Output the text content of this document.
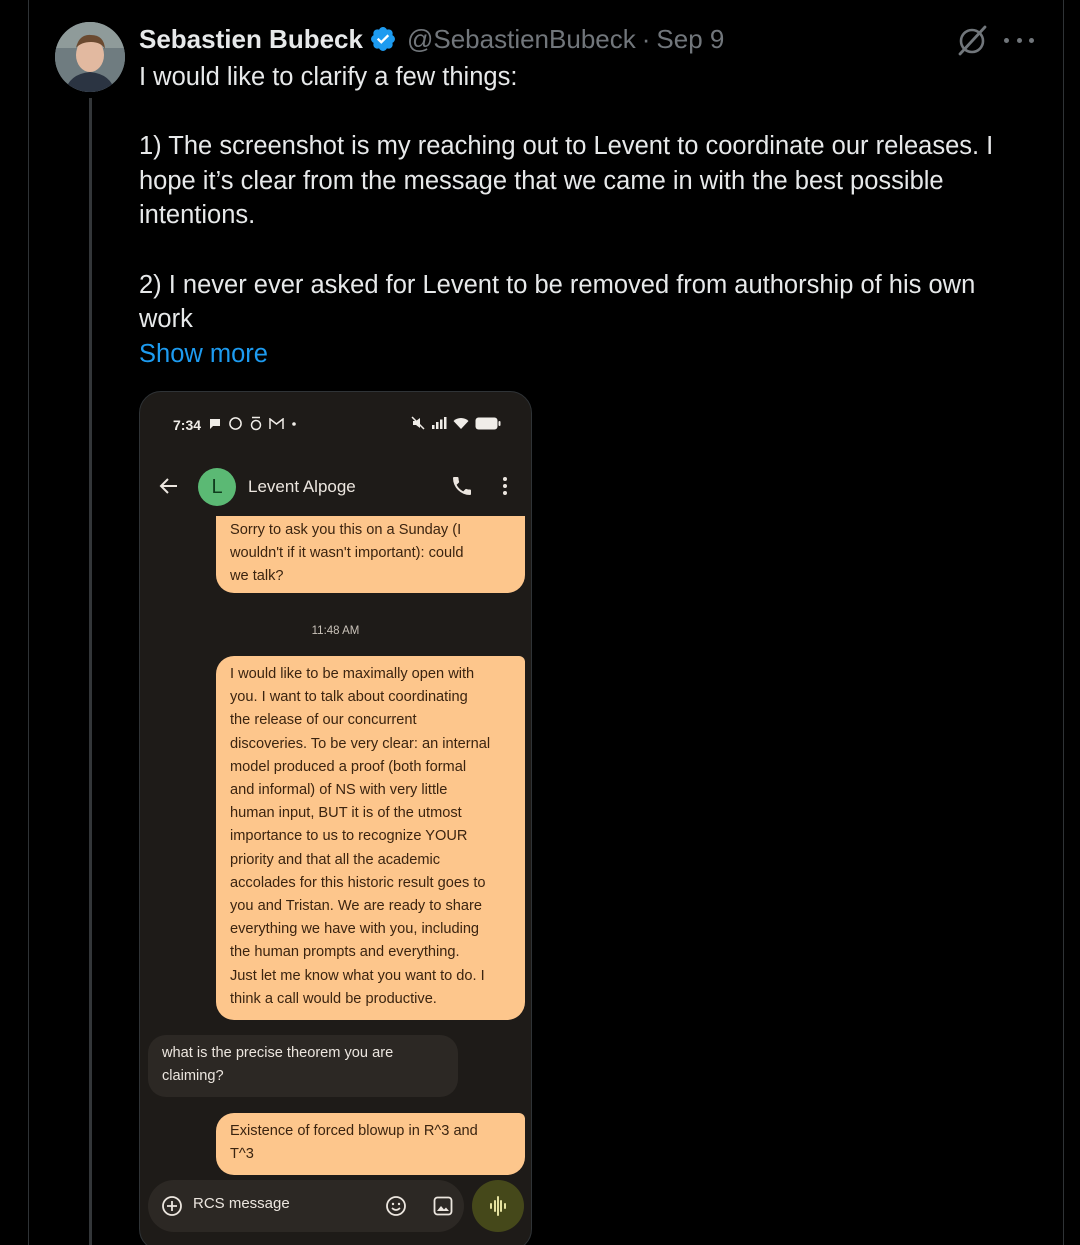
Sebastien Bubeck @SebastienBubeck · Sep 9

I would like to clarify a few things:

1) The screenshot is my reaching out to Levent to coordinate our releases. I

hope it’s clear from the message that we came in with the best possible

intentions.

2) I never ever asked for Levent to be removed from authorship of his own

work

Show more

7:34
L	Levent Alpoge
Sorry to ask you this on a Sunday (I
wouldn't if it wasn't important): could
we talk?
11:48 AM
I would like to be maximally open with
you. I want to talk about coordinating
the release of our concurrent
discoveries. To be very clear: an internal
model produced a proof (both formal
and informal) of NS with very little
human input, BUT it is of the utmost
importance to us to recognize YOUR
priority and that all the academic
accolades for this historic result goes to
you and Tristan. We are ready to share
everything we have with you, including
the human prompts and everything.
Just let me know what you want to do. I
think a call would be productive.
what is the precise theorem you are
claiming?
Existence of forced blowup in R^3 and
T^3
RCS message
